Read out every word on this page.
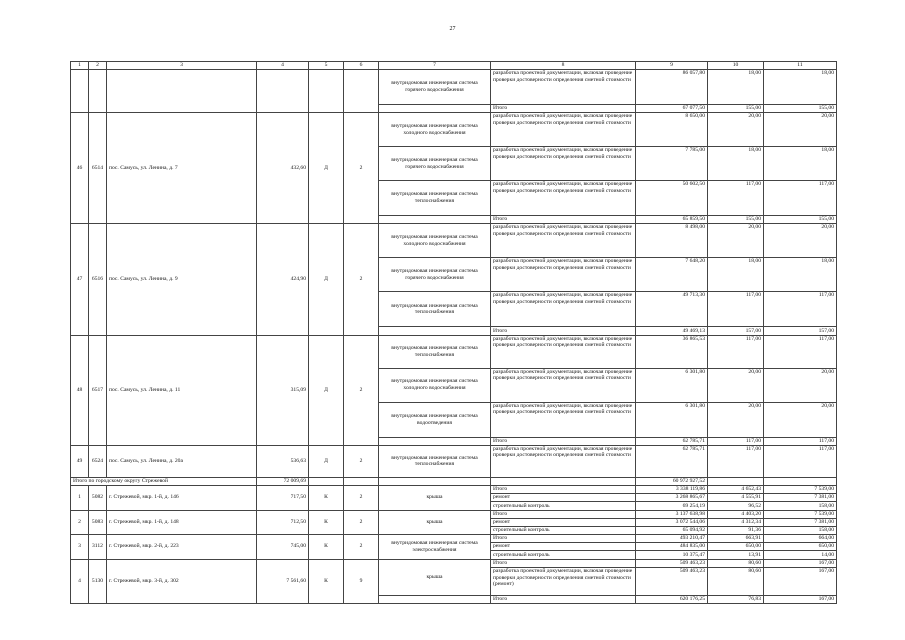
27
1	2	3	4	5	6	7	8	9	10	11
						внутридомовая инженерная система горячего водоснабжения	разработка проектной документации, включая проведение проверки достоверности определения сметной стоимости	86 057,80	18,00	18,00
							Итого	67 077,50	155,00	155,00
46	6514	пос. Самусь, ул. Ленина, д. 7	432,60	Д	2	внутридомовая инженерная система холодного водоснабжения	разработка проектной документации, включая проведение проверки достоверности определения сметной стоимости	8 650,00	20,00	20,00
						внутридомовая инженерная система горячего водоснабжения	разработка проектной документации, включая проведение проверки достоверности определения сметной стоимости	7 785,00	18,00	18,00
						внутридомовая инженерная система теплоснабжения	разработка проектной документации, включая проведение проверки достоверности определения сметной стоимости	50 602,50	117,00	117,00
							Итого	65 859,50	155,00	155,00
47	6516	пос. Самусь, ул. Ленина, д. 9	424,90	Д	2	внутридомовая инженерная система холодного водоснабжения	разработка проектной документации, включая проведение проверки достоверности определения сметной стоимости	8 498,00	20,00	20,00
						внутридомовая инженерная система горячего водоснабжения	разработка проектной документации, включая проведение проверки достоверности определения сметной стоимости	7 648,20	18,00	18,00
						внутридомовая инженерная система теплоснабжения	разработка проектной документации, включая проведение проверки достоверности определения сметной стоимости	49 713,30	117,00	117,00
							Итого	49 469,13	157,00	157,00
48	6517	пос. Самусь, ул. Ленина, д. 11	315,09	Д	2	внутридомовая инженерная система теплоснабжения	разработка проектной документации, включая проведение проверки достоверности определения сметной стоимости	36 865,53	117,00	117,00
						внутридомовая инженерная система холодного водоснабжения	разработка проектной документации, включая проведение проверки достоверности определения сметной стоимости	6 301,80	20,00	20,00
						внутридомовая инженерная система водоотведения	разработка проектной документации, включая проведение проверки достоверности определения сметной стоимости	6 301,80	20,00	20,00
							Итого	62 785,71	117,00	117,00
49	6524	пос. Самусь, ул. Ленина, д. 20а	536,63	Д	2	внутридомовая инженерная система теплоснабжения	разработка проектной документации, включая проведение проверки достоверности определения сметной стоимости	62 785,71	117,00	117,00
Итого по городскому округу Стрежевой			72 009,69					60 972 927,52		
1	5082	г. Стрежевой, мкр. 1-й, д. 146	717,50	К	2	крыша	Итого	3 338 119,86	4 652,43	7 539,00
							ремонт	3 268 865,67	4 555,91	7 381,00
							строительный контроль	69 254,19	96,52	158,00
2	5083	г. Стрежевой, мкр. 1-й, д. 148	712,50	К	2	крыша	Итого	3 137 638,98	4 403,20	7 539,00
							ремонт	3 072 544,06	4 312,34	7 381,00
							строительный контроль	65 094,92	91,36	158,00
3	3112	г. Стрежевой, мкр. 2-й, д. 223	745,00	К	2	внутридомовая инженерная система электроснабжения	Итого	493 210,47	663,91	664,00
							ремонт	484 835,00	650,00	650,00
							строительный контроль	10 375,47	13,91	14,00
4	5130	г. Стрежевой, мкр. 3-й, д. 302	7 561,60	К	9	крыша	Итого	509 463,23	80,60	167,00
							разработка проектной документации, включая проведение проверки достоверности определения сметной стоимости (ремонт)	509 463,23	80,60	167,00
							Итого	620 176,25	76,83	167,00
